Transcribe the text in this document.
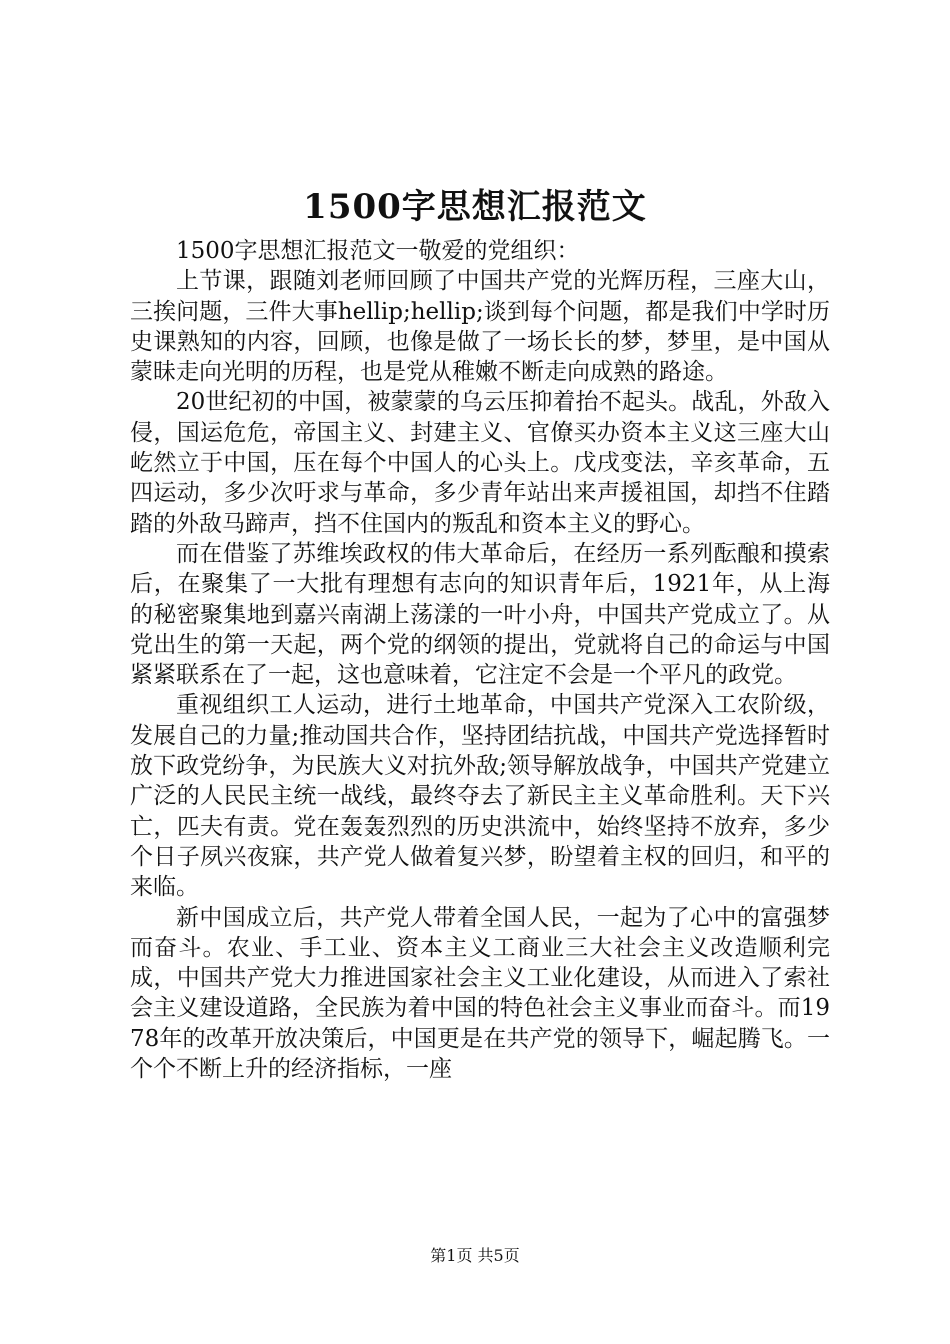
1500字思想汇报范文

1500字思想汇报范文一敬爱的党组织：

上节课，跟随刘老师回顾了中国共产党的光辉历程，三座大山，三挨问题，三件大事hellip;hellip;谈到每个问题，都是我们中学时历史课熟知的内容，回顾，也像是做了一场长长的梦，梦里，是中国从蒙昧走向光明的历程，也是党从稚嫩不断走向成熟的路途。

20世纪初的中国，被蒙蒙的乌云压抑着抬不起头。战乱，外敌入侵，国运危危，帝国主义、封建主义、官僚买办资本主义这三座大山屹然立于中国，压在每个中国人的心头上。戊戌变法，辛亥革命，五四运动，多少次吁求与革命，多少青年站出来声援祖国，却挡不住踏踏的外敌马蹄声，挡不住国内的叛乱和资本主义的野心。

而在借鉴了苏维埃政权的伟大革命后，在经历一系列酝酿和摸索后，在聚集了一大批有理想有志向的知识青年后，1921年，从上海的秘密聚集地到嘉兴南湖上荡漾的一叶小舟，中国共产党成立了。从党出生的第一天起，两个党的纲领的提出，党就将自己的命运与中国紧紧联系在了一起，这也意味着，它注定不会是一个平凡的政党。

重视组织工人运动，进行土地革命，中国共产党深入工农阶级，发展自己的力量;推动国共合作，坚持团结抗战，中国共产党选择暂时放下政党纷争，为民族大义对抗外敌;领导解放战争，中国共产党建立广泛的人民民主统一战线，最终夺去了新民主主义革命胜利。天下兴亡，匹夫有责。党在轰轰烈烈的历史洪流中，始终坚持不放弃，多少个日子夙兴夜寐，共产党人做着复兴梦，盼望着主权的回归，和平的来临。

新中国成立后，共产党人带着全国人民，一起为了心中的富强梦而奋斗。农业、手工业、资本主义工商业三大社会主义改造顺利完成，中国共产党大力推进国家社会主义工业化建设，从而进入了索社会主义建设道路，全民族为着中国的特色社会主义事业而奋斗。而1978年的改革开放决策后，中国更是在共产党的领导下，崛起腾飞。一个个不断上升的经济指标，一座

第1页 共5页
